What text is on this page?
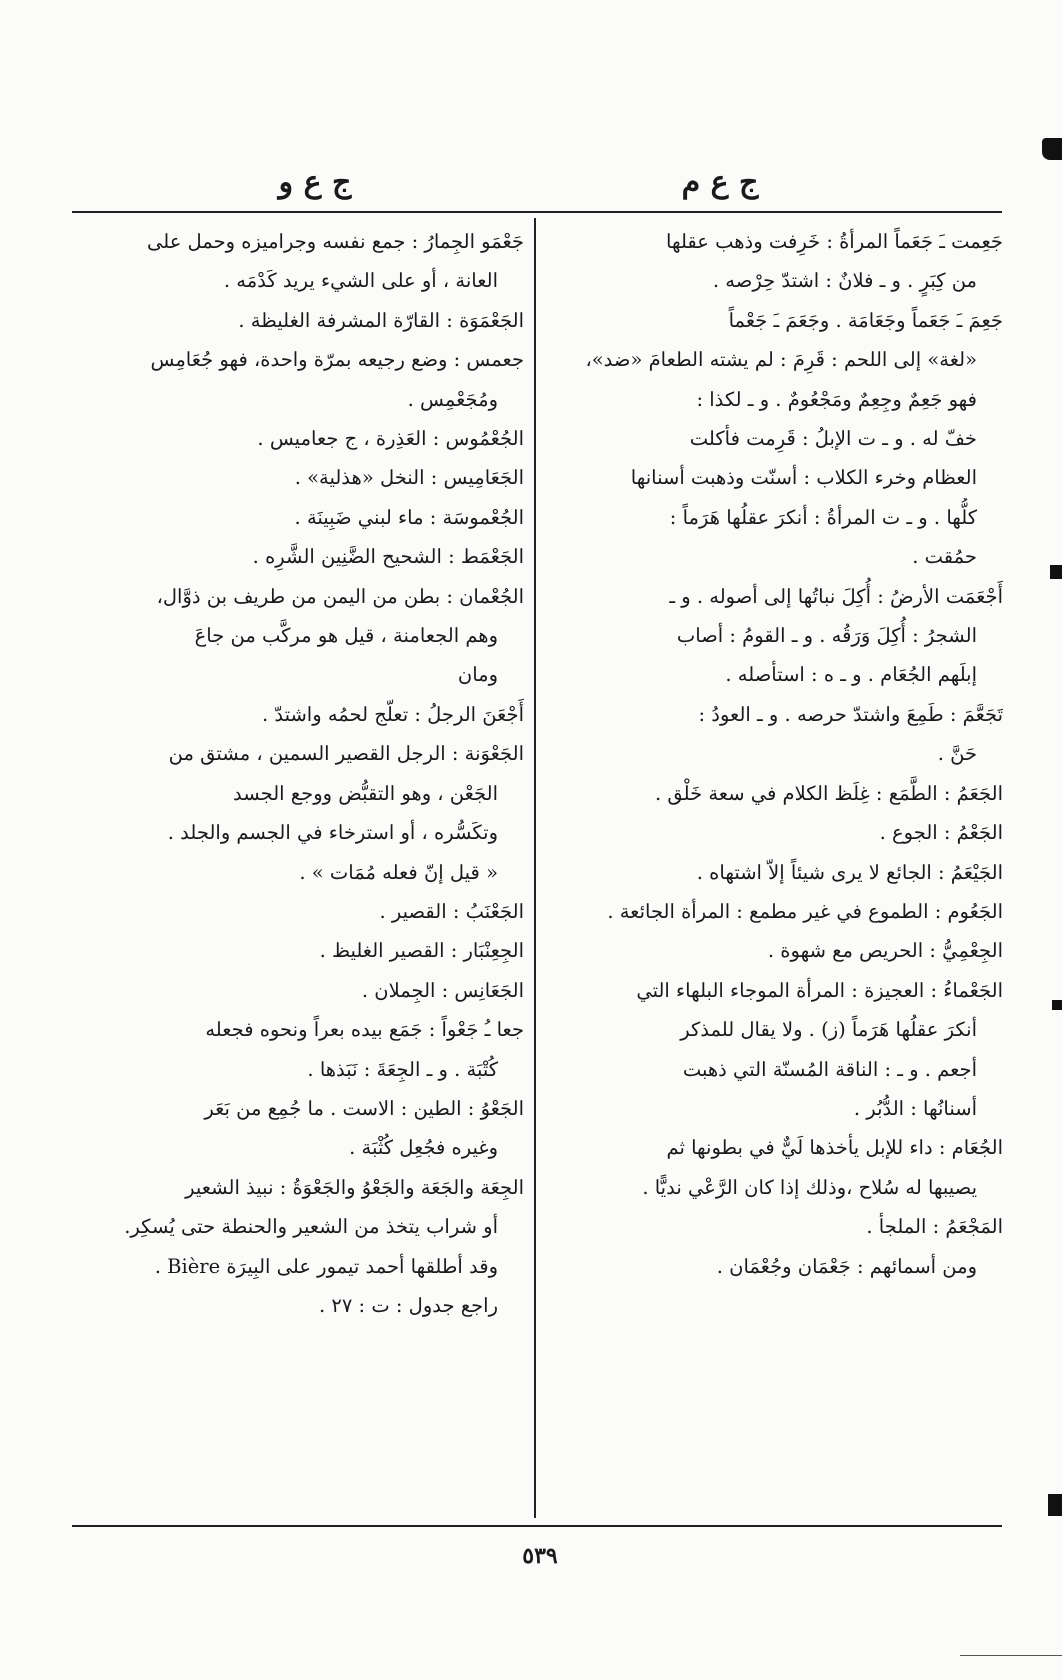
ج ع م
ج ع و

جَعِمت ـَ جَعَماً المرأةُ : خَرِفت وذهب عقلها

من كِبَرٍ . و ـ فلانٌ : اشتدّ حِرْصه .

جَعِمَ ـَ جَعَماً وجَعَامَة . وجَعَمَ ـَ جَعْماً

«لغة» إلى اللحم : قَرِمَ : لم يشته الطعامَ «ضد»،

فهو جَعِمٌ وجِعِمٌ ومَجْعُومٌ . و ـ لكذا :

خفّ له . و ـ ت الإبلُ : قَرِمت فأكلت

العظام وخرء الكلاب : أسنّت وذهبت أسنانها

كلُّها . و ـ ت المرأةُ : أنكرَ عقلُها هَرَماً :

حمُقت .

أَجْعَمَت الأرضُ : أُكِلَ نباتُها إلى أصوله . و ـ

الشجرُ : أُكِلَ وَرَقُه . و ـ القومُ : أصاب

إبلَهم الجُعَام . و ـ ه : استأصله .

تَجَعَّمَ : طَمِعَ واشتدّ حرصه . و ـ العودُ :

حَنَّ .

الجَعَمُ : الطَّمَع : غِلَظ الكلام في سعة خَلْق .

الجَعْمُ : الجوع .

الجَيْعَمُ : الجائع لا يرى شيئاً إلاّ اشتهاه .

الجَعُوم : الطموع في غير مطمع : المرأة الجائعة .

الجِعْمِيُّ : الحريص مع شهوة .

الجَعْماءُ : العجيزة : المرأة الموجاء البلهاء التي

أنكرَ عقلُها هَرَماً (ز) . ولا يقال للمذكر

أجعم . و ـ : الناقة المُسنّة التي ذهبت

أسنانُها : الدُّبُر .

الجُعَام : داء للإبل يأخذها لَيٌّ في بطونها ثم

يصيبها له سُلاح ،وذلك إذا كان الرَّعْي نديًّا .

المَجْعَمُ : الملجأ .

ومن أسمائهم : جَعْمَان وجُعْمَان .

جَعْمَو الجِمارُ : جمع نفسه وجراميزه وحمل على

العانة ، أو على الشيء يريد كَدْمَه .

الجَعْمَوَة : القارّة المشرفة الغليظة .

جعمس : وضع رجيعه بمرّة واحدة، فهو جُعَامِس

ومُجَعْمِس .

الجُعْمُوس : العَذِرة ، ج جعاميس .

الجَعَامِيس : النخل «هذلية» .

الجُعْموسَة : ماء لبني ضَبِينَة .

الجَعْمَط : الشحيح الضَّنِين الشَّرِه .

الجُعْمان : بطن من اليمن من طريف بن ذوَّال،

وهم الجعامنة ، قيل هو مركَّب من جاعَ

ومان

أَجْعَنَ الرجلُ : تعلّج لحمُه واشتدّ .

الجَعْوَنة : الرجل القصير السمين ، مشتق من

الجَعْن ، وهو التقبُّض ووجع الجسد

وتكَسُّره ، أو استرخاء في الجسم والجلد .

« قيل إنّ فعله مُمَات » .

الجَعْنَبُ : القصير .

الجِعِنْبَار : القصير الغليظ .

الجَعَانِس : الجِملان .

جعا ـُ جَعْواً : جَمَع بيده بعراً ونحوه فجعله

كُتْبَة . و ـ الجِعَةَ : نَبَذها .

الجَعْوُ : الطين : الاست . ما جُمِع من بَعَر

وغيره فجُعِل كُثْبَة .

الجِعَة والجَعَة والجَعْوُ والجَعْوَةُ : نبيذ الشعير

أو شراب يتخذ من الشعير والحنطة حتى يُسكِر.

وقد أطلقها أحمد تيمور على البِيرَة Bière .

راجع جدول : ت : ٢٧ .

٥٣٩
